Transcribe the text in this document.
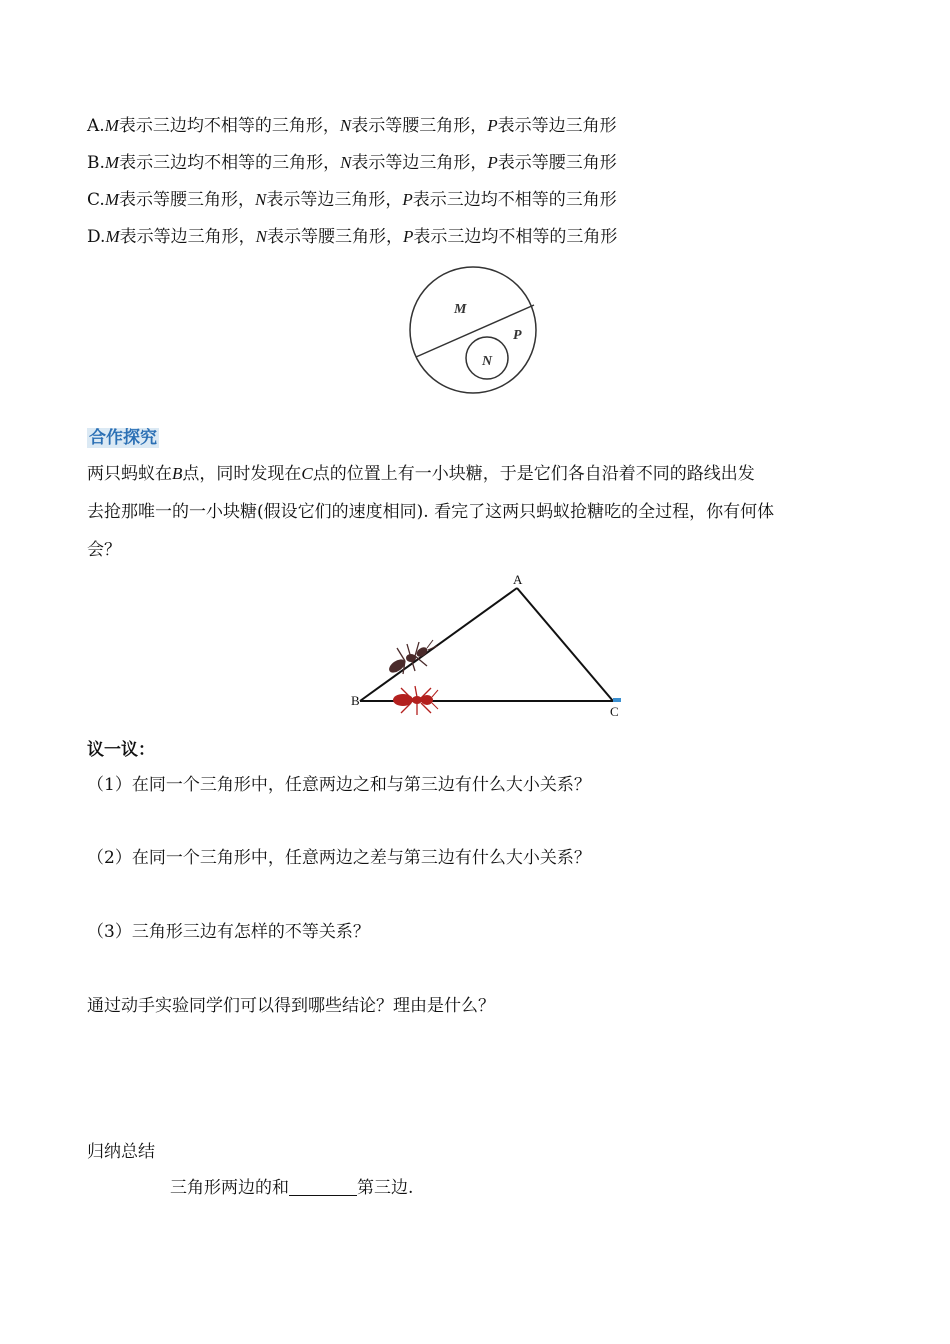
A.M表示三边均不相等的三角形，N表示等腰三角形，P表示等边三角形
B.M表示三边均不相等的三角形，N表示等边三角形，P表示等腰三角形
C.M表示等腰三角形，N表示等边三角形，P表示三边均不相等的三角形
D.M表示等边三角形，N表示等腰三角形，P表示三边均不相等的三角形
M
P
N
合作探究
两只蚂蚁在B点，同时发现在C点的位置上有一小块糖，于是它们各自沿着不同的路线出发
去抢那唯一的一小块糖(假设它们的速度相同). 看完了这两只蚂蚁抢糖吃的全过程，你有何体
会？
A
B
C
议一议：
（1）在同一个三角形中，任意两边之和与第三边有什么大小关系？
（2）在同一个三角形中，任意两边之差与第三边有什么大小关系？
（3）三角形三边有怎样的不等关系？
通过动手实验同学们可以得到哪些结论？理由是什么？
归纳总结
三角形两边的和	第三边.
